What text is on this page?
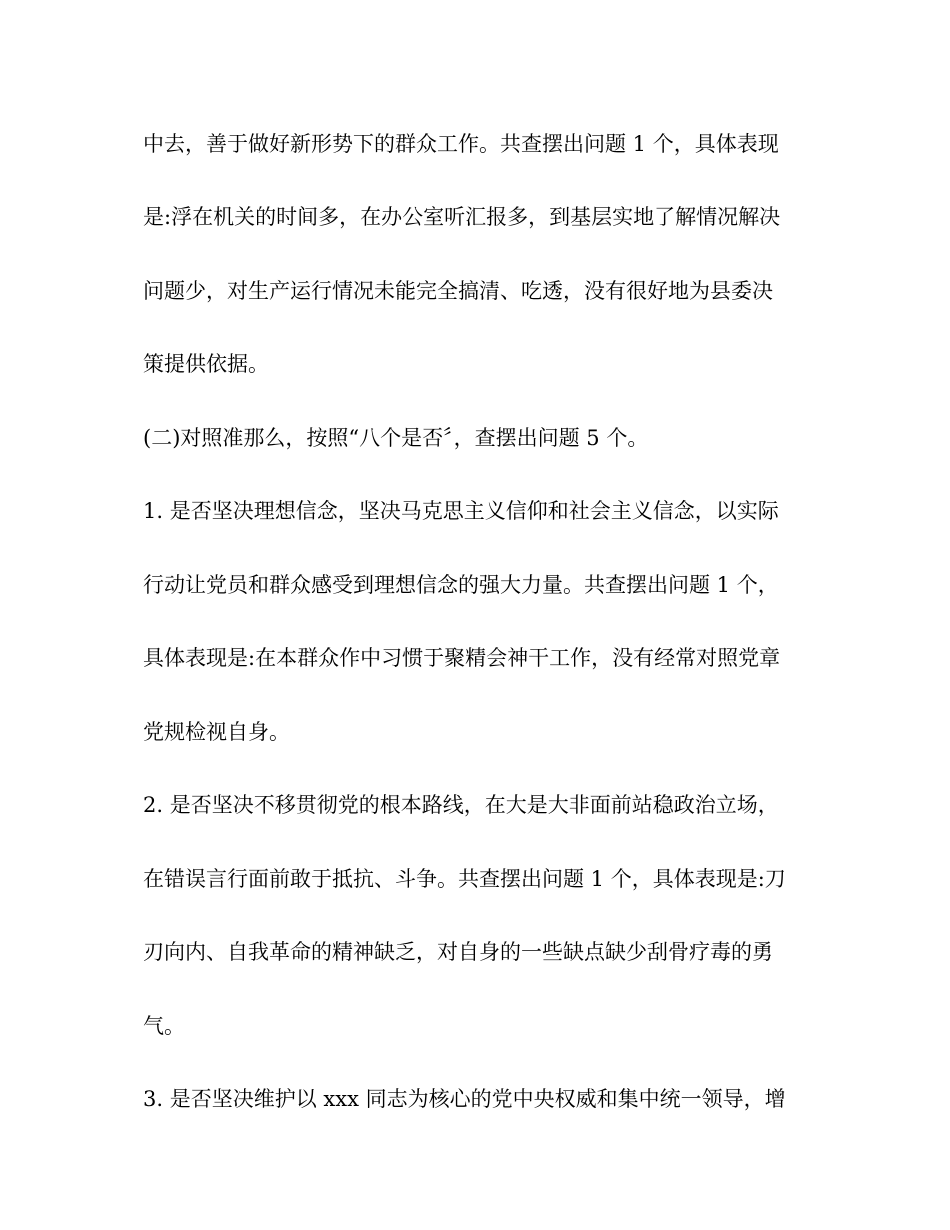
中去，善于做好新形势下的群众工作。共查摆出问题 1 个，具体表现

是:浮在机关的时间多，在办公室听汇报多，到基层实地了解情况解决

问题少，对生产运行情况未能完全搞清、吃透，没有很好地为县委决

策提供依据。

(二)对照准那么，按照“八个是否〞，查摆出问题 5 个。

1. 是否坚决理想信念，坚决马克思主义信仰和社会主义信念，以实际

行动让党员和群众感受到理想信念的强大力量。共查摆出问题 1 个，

具体表现是:在本群众作中习惯于聚精会神干工作，没有经常对照党章

党规检视自身。

2. 是否坚决不移贯彻党的根本路线，在大是大非面前站稳政治立场，

在错误言行面前敢于抵抗、斗争。共查摆出问题 1 个，具体表现是:刀

刃向内、自我革命的精神缺乏，对自身的一些缺点缺少刮骨疗毒的勇

气。

3. 是否坚决维护以 xxx 同志为核心的党中央权威和集中统一领导，增
